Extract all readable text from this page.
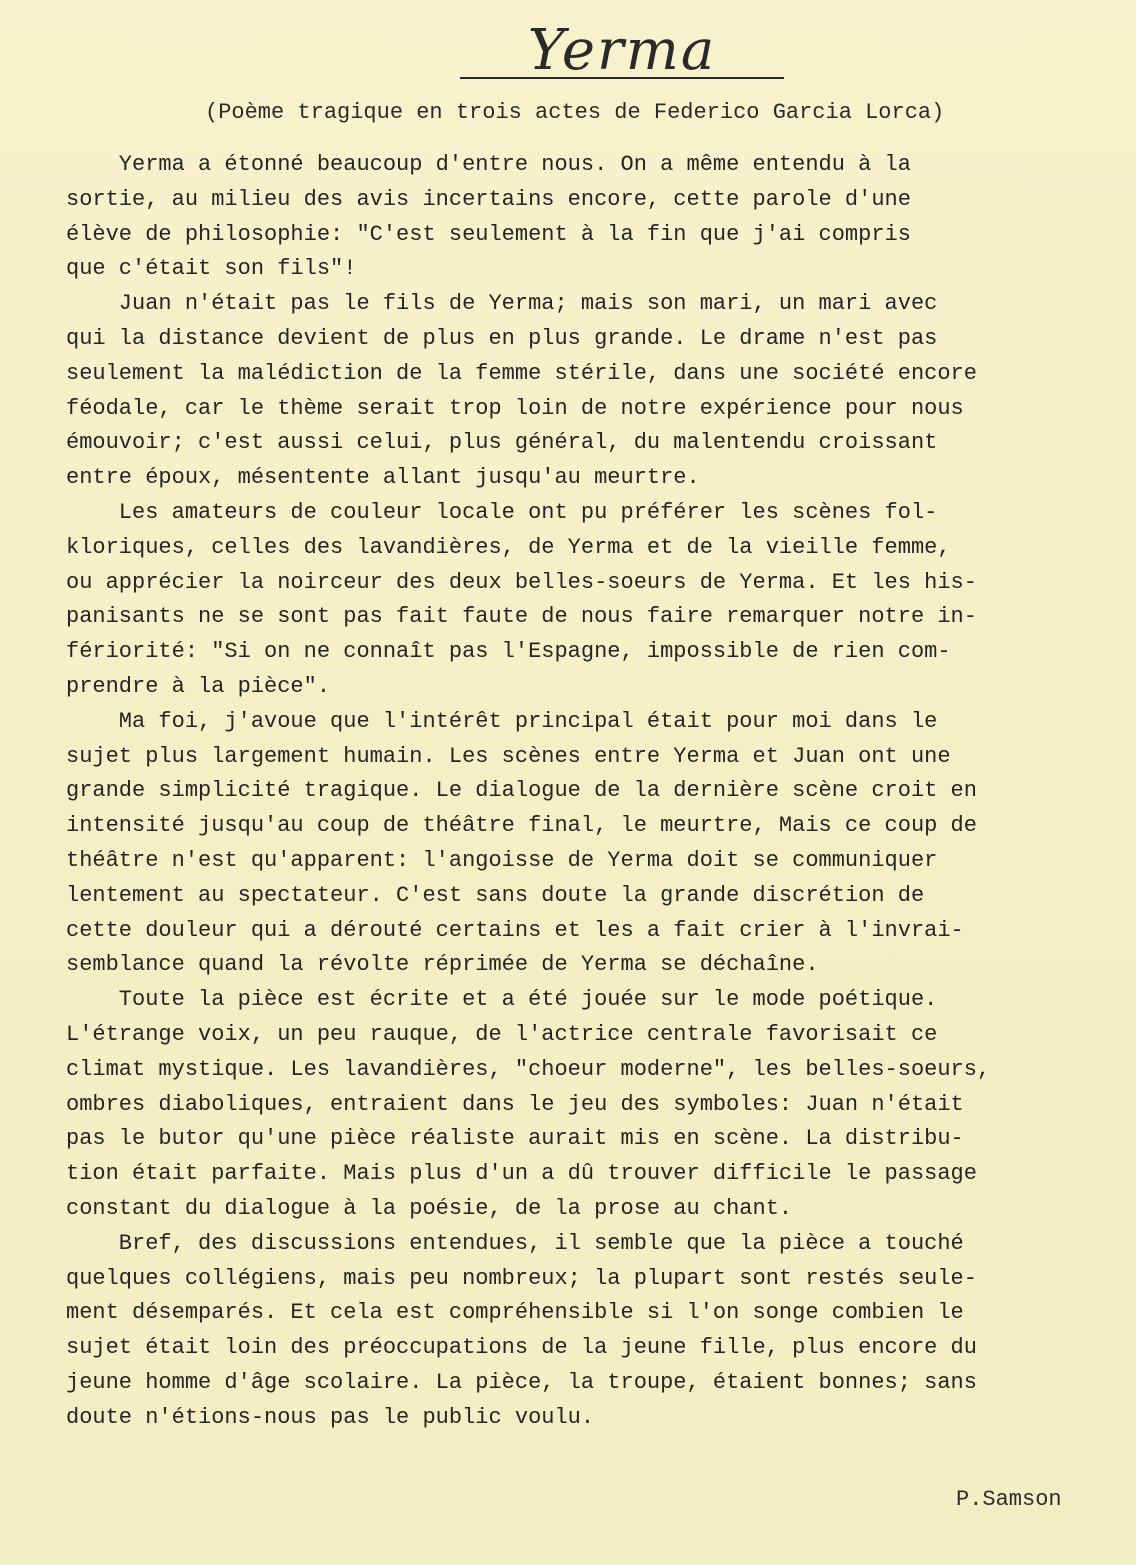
Yerma
(Poème tragique en trois actes de Federico Garcia Lorca)
Yerma a étonné beaucoup d'entre nous. On a même entendu à la
sortie, au milieu des avis incertains encore, cette parole d'une
élève de philosophie: "C'est seulement à la fin que j'ai compris
que c'était son fils"!
Juan n'était pas le fils de Yerma; mais son mari, un mari avec
qui la distance devient de plus en plus grande. Le drame n'est pas
seulement la malédiction de la femme stérile, dans une société encore
féodale, car le thème serait trop loin de notre expérience pour nous
émouvoir; c'est aussi celui, plus général, du malentendu croissant
entre époux, mésentente allant jusqu'au meurtre.
Les amateurs de couleur locale ont pu préférer les scènes fol-
kloriques, celles des lavandières, de Yerma et de la vieille femme,
ou apprécier la noirceur des deux belles-soeurs de Yerma. Et les his-
panisants ne se sont pas fait faute de nous faire remarquer notre in-
fériorité: "Si on ne connaît pas l'Espagne, impossible de rien com-
prendre à la pièce".
Ma foi, j'avoue que l'intérêt principal était pour moi dans le
sujet plus largement humain. Les scènes entre Yerma et Juan ont une
grande simplicité tragique. Le dialogue de la dernière scène croit en
intensité jusqu'au coup de théâtre final, le meurtre, Mais ce coup de
théâtre n'est qu'apparent: l'angoisse de Yerma doit se communiquer
lentement au spectateur. C'est sans doute la grande discrétion de
cette douleur qui a dérouté certains et les a fait crier à l'invrai-
semblance quand la révolte réprimée de Yerma se déchaîne.
Toute la pièce est écrite et a été jouée sur le mode poétique.
L'étrange voix, un peu rauque, de l'actrice centrale favorisait ce
climat mystique. Les lavandières, "choeur moderne", les belles-soeurs,
ombres diaboliques, entraient dans le jeu des symboles: Juan n'était
pas le butor qu'une pièce réaliste aurait mis en scène. La distribu-
tion était parfaite. Mais plus d'un a dû trouver difficile le passage
constant du dialogue à la poésie, de la prose au chant.
Bref, des discussions entendues, il semble que la pièce a touché
quelques collégiens, mais peu nombreux; la plupart sont restés seule-
ment désemparés. Et cela est compréhensible si l'on songe combien le
sujet était loin des préoccupations de la jeune fille, plus encore du
jeune homme d'âge scolaire. La pièce, la troupe, étaient bonnes; sans
doute n'étions-nous pas le public voulu.
P.Samson
